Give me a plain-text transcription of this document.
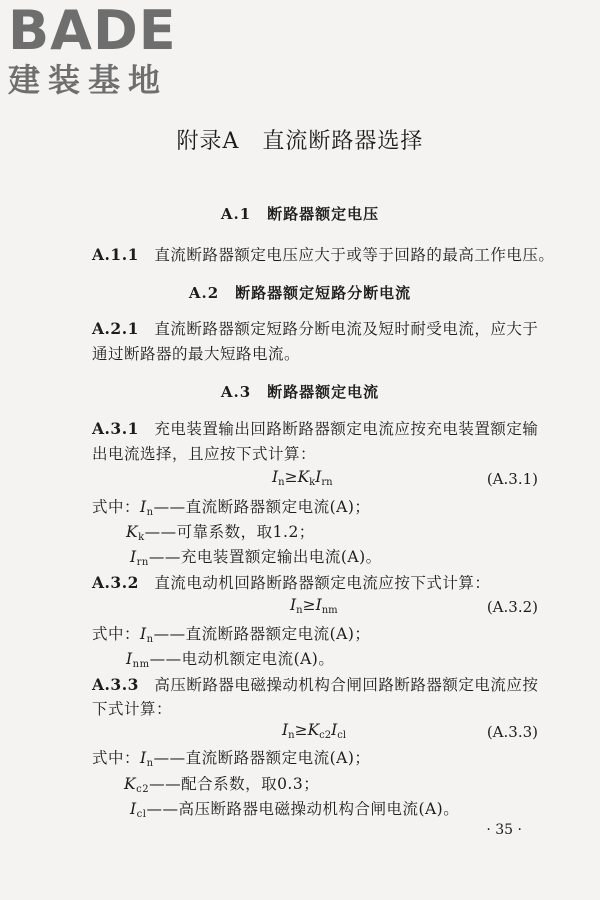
BADE
建装基地
附录A　直流断路器选择
A.1　断路器额定电压
A.1.1 直流断路器额定电压应大于或等于回路的最高工作电压。
A.2　断路器额定短路分断电流
A.2.1 直流断路器额定短路分断电流及短时耐受电流，应大于
通过断路器的最大短路电流。
A.3　断路器额定电流
A.3.1 充电装置输出回路断路器额定电流应按充电装置额定输
出电流选择，且应按下式计算：
$I_n\ge K_kI_{rn}$	(A.3.1)
式中：$I_n——$直流断路器额定电流(A)；
$K_k——$可靠系数，取1.2；
$I_{rn}——$充电装置额定输出电流(A)。
A.3.2 直流电动机回路断路器额定电流应按下式计算：
$I_n\ge I_{nm}$	(A.3.2)
式中：$I_n——$直流断路器额定电流(A)；
$I_{nm}——$电动机额定电流(A)。
A.3.3 高压断路器电磁操动机构合闸回路断路器额定电流应按
下式计算：
$I_n\ge K_{c2}I_{cl}$	(A.3.3)
式中：$I_n——$直流断路器额定电流(A)；
$K_{c2}——$配合系数，取0.3；
$I_{cl}——$高压断路器电磁操动机构合闸电流(A)。
· 35 ·
